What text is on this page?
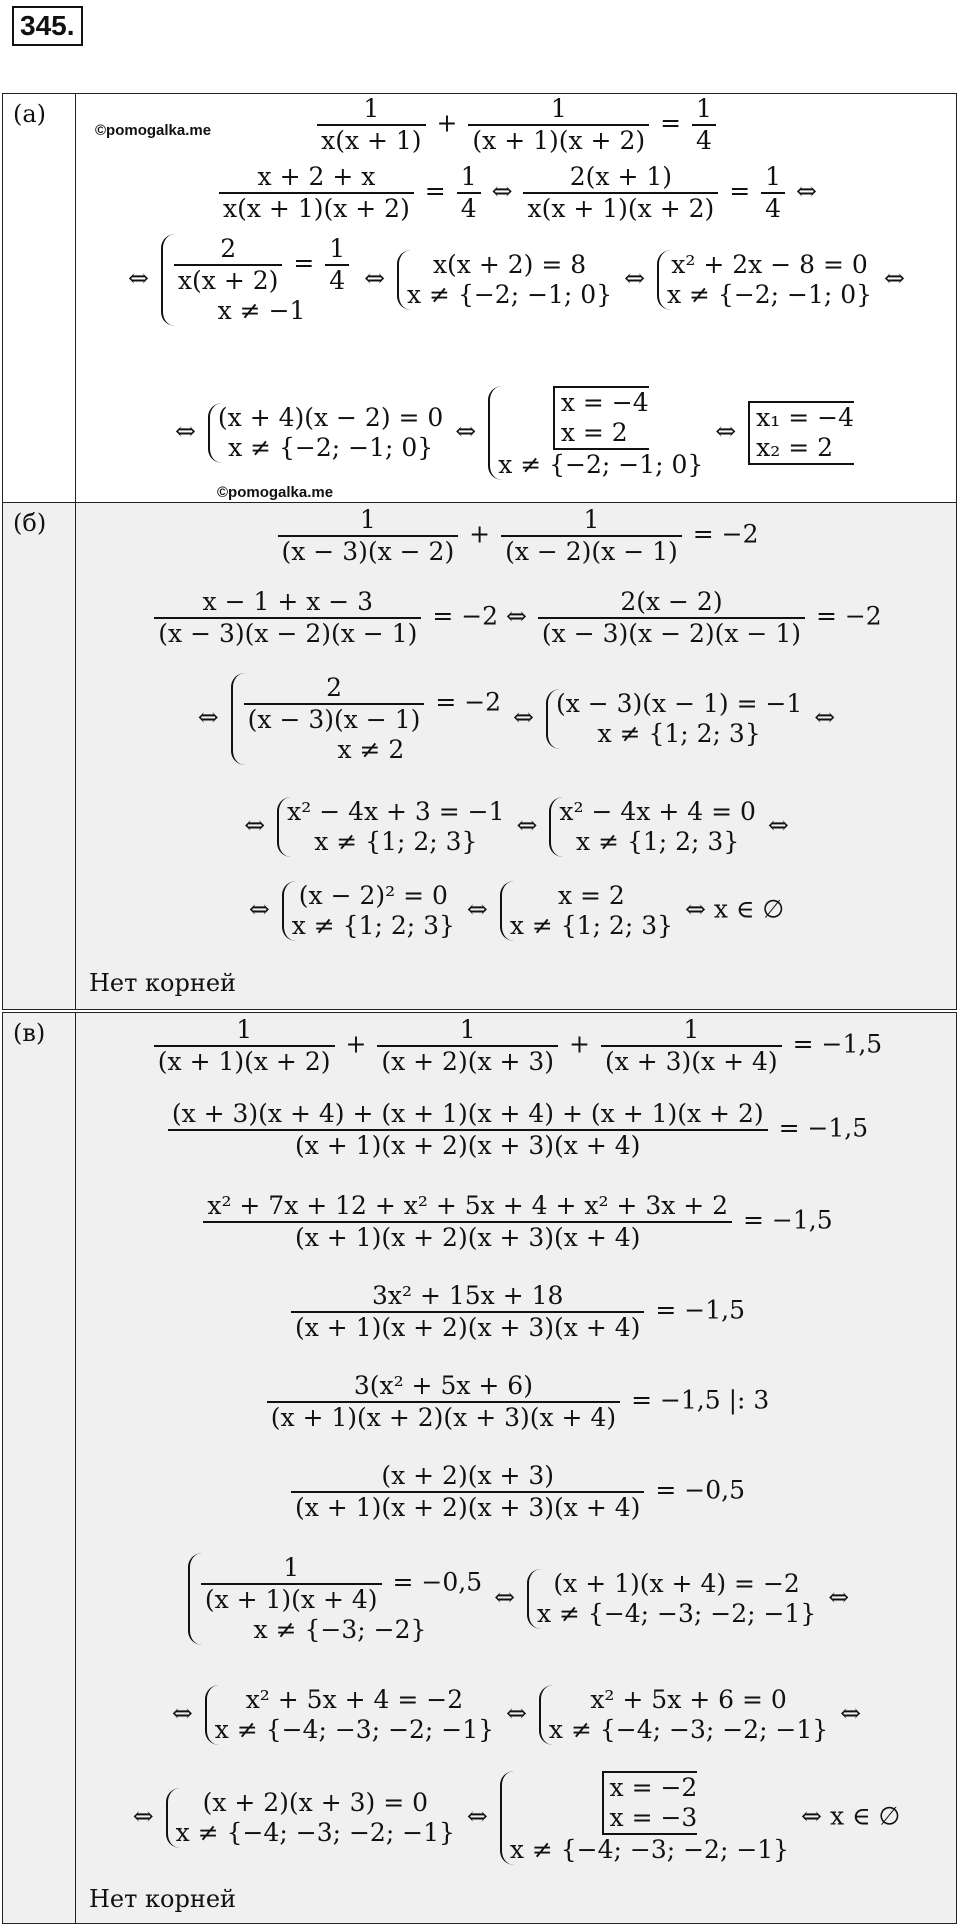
345.
(а)
©pomogalka.me
©pomogalka.me
$\frac{1}{x(x + 1)} + \frac{1}{(x + 1)(x + 2)} = \frac{1}{4}$
$\frac{x + 2 + x}{x(x + 1)(x + 2)} = \frac{1}{4}$ ⇔ $\frac{2(x + 1)}{x(x + 1)(x + 2)} = \frac{1}{4}$ ⇔
⇔ $\frac{2}{x(x + 2)} = \frac{1}{4}$
x ≠ −1
⇔	x(x + 2) = 8
x ≠ {−2; −1; 0}
⇔ x² + 2x − 8 = 0
x ≠ {−2; −1; 0}
⇔
⇔ (x + 4)(x − 2) = 0
x ≠ {−2; −1; 0}
⇔
x = −4
x = 2
x ≠ {−2; −1; 0}
⇔ x₁ = −4
x₂ = 2
(б)	$\frac{1}{(x - 3)(x - 2)} + \frac{1}{(x - 2)(x - 1)} = -2$
$\frac{x - 1 + x - 3}{(x - 3)(x - 2)(x - 1)} = -2$ ⇔ $\frac{2(x - 2)}{(x - 3)(x - 2)(x - 1)} = -2$
⇔ $\frac{2}{(x - 3)(x - 1)} = -2$
x ≠ 2
⇔ (x − 3)(x − 1) = −1
x ≠ {1; 2; 3}
⇔
⇔ x² − 4x + 3 = −1
x ≠ {1; 2; 3}
⇔ x² − 4x + 4 = 0
x ≠ {1; 2; 3}
⇔
⇔ (x − 2)² = 0
x ≠ {1; 2; 3}
⇔	x = 2
x ≠ {1; 2; 3}
⇔ x ∈ ∅
Нет корней
(в)	$\frac{1}{(x + 1)(x + 2)} + \frac{1}{(x + 2)(x + 3)} + \frac{1}{(x + 3)(x + 4)} = -1,5$
$\frac{(x + 3)(x + 4) + (x + 1)(x + 4) + (x + 1)(x + 2)}{(x + 1)(x + 2)(x + 3)(x + 4)} = -1,5$
$\frac{\text{x² + 7x + 12 + x² + 5x + 4 + x² + 3x + 2}}{(x + 1)(x + 2)(x + 3)(x + 4)} = -1,5$
$\frac{\text{3x² + 15x + 18}}{(x + 1)(x + 2)(x + 3)(x + 4)} = -1,5$
$\frac{\text{3(x² + 5x + 6)}}{(x + 1)(x + 2)(x + 3)(x + 4)} = -1,5$ |: 3
$\frac{(x + 2)(x + 3)}{(x + 1)(x + 2)(x + 3)(x + 4)} = -0,5$
$\frac{1}{(x + 1)(x + 4)} = -0,5$
x ≠ {−3; −2}
⇔	(x + 1)(x + 4) = −2
x ≠ {−4; −3; −2; −1}
⇔
⇔	x² + 5x + 4 = −2
x ≠ {−4; −3; −2; −1}
⇔	x² + 5x + 6 = 0
x ≠ {−4; −3; −2; −1}
⇔
⇔	(x + 2)(x + 3) = 0
x ≠ {−4; −3; −2; −1}
⇔
x = −2
x = −3
x ≠ {−4; −3; −2; −1}
⇔ x ∈ ∅
Нет корней
